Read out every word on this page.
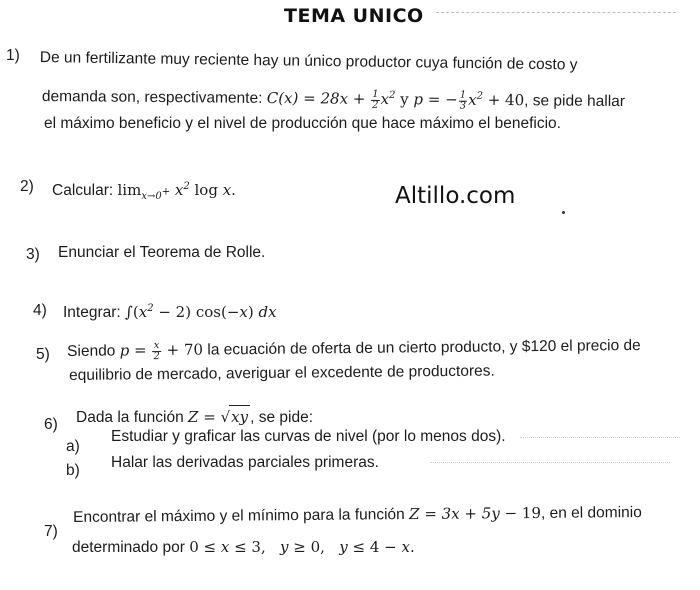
TEMA UNICO
1) De un fertilizante muy reciente hay un único productor cuya función de costo y
demanda son, respectivamente: $C(x) = 28x + \frac{1}{2} x^2$ y p = − $\frac{1}{3} x^2 + 40$, se pide hallar
el máximo beneficio y el nivel de producción que hace máximo el beneficio.
2) Calcular: $\lim_{x\to 0^+} x^2$ log x.	Altillo.com
3) Enunciar el Teorema de Rolle.
4) Integrar: $\int(x^2 - 2)$ cos(−x) dx
5) Siendo $p = \frac{x}{2} + 70$ la ecuación de oferta de un cierto producto, y $120 el precio de
equilibrio de mercado, averiguar el excedente de productores.
6) Dada la función Z = √xy , se pide:
a)
Estudiar y graficar las curvas de nivel (por lo menos dos).
b) Halar las derivadas parciales primeras.
7)
Encontrar el máximo y el mínimo para la función Z = 3x + 5y − 19, en el dominio
determinado por 0 ≤ x ≤ 3,   y ≥ 0,   y ≤ 4 − x.
